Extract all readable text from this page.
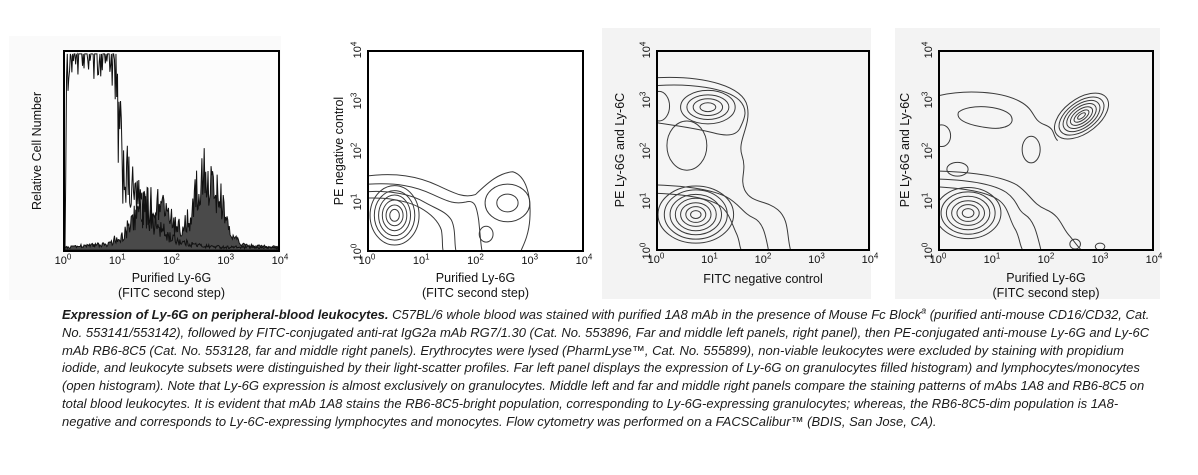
Relative Cell Number
$10^0$	$10^1$	$10^2$	$10^3$	$10^4$
Purified Ly-6G
(FITC second step)
PE negative control
$10^0$
$10^1$
$10^2$
$10^3$
$10^4$
$10^0$	$10^1$	$10^2$	$10^3$	$10^4$
Purified Ly-6G
(FITC second step)
PE Ly-6G and Ly-6C
$10^0$
$10^1$
$10^2$
$10^3$
$10^4$
$10^0$	$10^1$	$10^2$	$10^3$	$10^4$
FITC negative control
PE Ly-6G and Ly-6C
$10^0$
$10^1$
$10^2$
$10^3$
$10^4$
$10^0$	$10^1$	$10^2$	$10^3$	$10^4$
Purified Ly-6G
(FITC second step)
Expression of Ly-6G on peripheral-blood leukocytes. C57BL/6 whole blood was stained with purified 1A8 mAb in the presence of Mouse Fc Block$^a$ (purified anti-mouse CD16/CD32, Cat. No. 553141/553142), followed by FITC-conjugated anti-rat IgG2a mAb RG7/1.30 (Cat. No. 553896, Far and middle left panels, right panel), then PE-conjugated anti-mouse Ly-6G and Ly-6C mAb RB6-8C5 (Cat. No. 553128, far and middle right panels). Erythrocytes were lysed (PharmLyse™, Cat. No. 555899), non-viable leukocytes were excluded by staining with propidium iodide, and leukocyte subsets were distinguished by their light-scatter profiles. Far left panel displays the expression of Ly-6G on granulocytes filled histogram) and lymphocytes/monocytes (open histogram). Note that Ly-6G expression is almost exclusively on granulocytes. Middle left and far and middle right panels compare the staining patterns of mAbs 1A8 and RB6-8C5 on total blood leukocytes. It is evident that mAb 1A8 stains the RB6-8C5-bright population, corresponding to Ly-6G-expressing granulocytes; whereas, the RB6-8C5-dim population is 1A8-negative and corresponds to Ly-6C-expressing lymphocytes and monocytes. Flow cytometry was performed on a FACSCalibur™ (BDIS, San Jose, CA).
